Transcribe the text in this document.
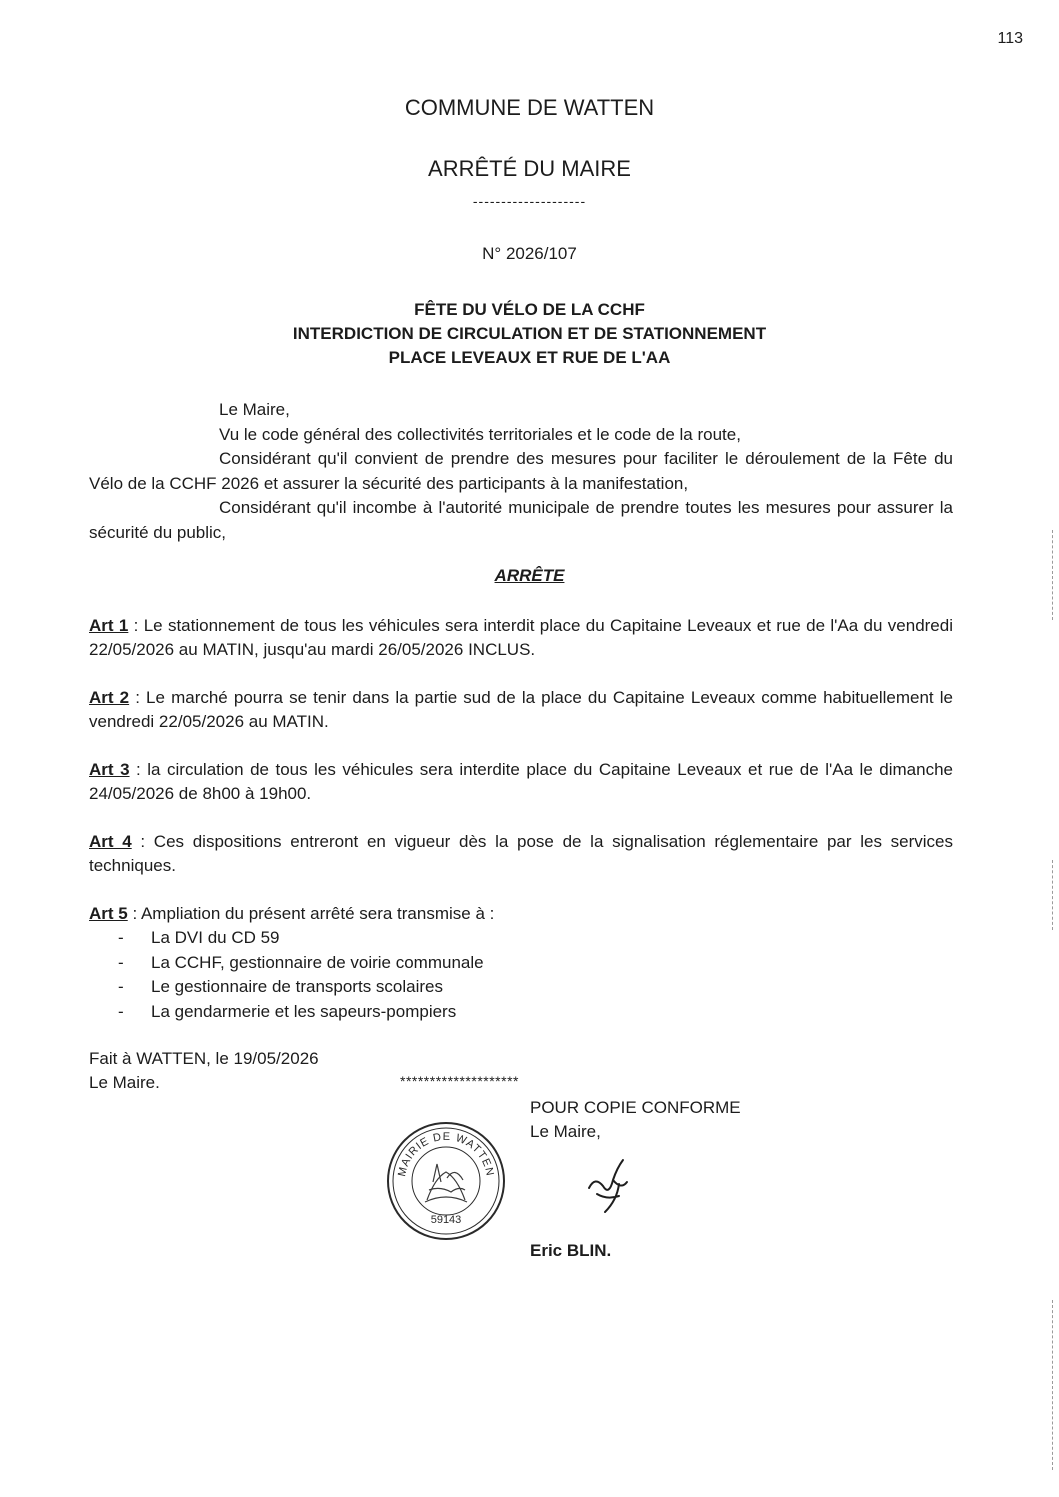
113
COMMUNE DE WATTEN
ARRÊTÉ DU MAIRE
--------------------
N° 2026/107
FÊTE DU VÉLO DE LA CCHF
INTERDICTION DE CIRCULATION ET DE STATIONNEMENT
PLACE LEVEAUX ET RUE DE L'AA

Le Maire,

Vu le code général des collectivités territoriales et le code de la route,

Considérant qu'il convient de prendre des mesures pour faciliter le déroulement de la Fête du Vélo de la CCHF 2026 et assurer la sécurité des participants à la manifestation,

Considérant qu'il incombe à l'autorité municipale de prendre toutes les mesures pour assurer la sécurité du public,

ARRÊTE
Art 1 : Le stationnement de tous les véhicules sera interdit place du Capitaine Leveaux et rue de l'Aa du vendredi 22/05/2026 au MATIN, jusqu'au mardi 26/05/2026 INCLUS.
Art 2 : Le marché pourra se tenir dans la partie sud de la place du Capitaine Leveaux comme habituellement le vendredi 22/05/2026 au MATIN.
Art 3 : la circulation de tous les véhicules sera interdite place du Capitaine Leveaux et rue de l'Aa le dimanche 24/05/2026 de 8h00 à 19h00.
Art 4 : Ces dispositions entreront en vigueur dès la pose de la signalisation réglementaire par les services techniques.
Art 5 : Ampliation du présent arrêté sera transmise à :
- La DVI du CD 59
- La CCHF, gestionnaire de voirie communale
- Le gestionnaire de transports scolaires
- La gendarmerie et les sapeurs-pompiers
Fait à WATTEN, le 19/05/2026
Le Maire.	********************
POUR COPIE CONFORME
Le Maire,
MAIRIE DE WATTEN
59143
Eric BLIN.
